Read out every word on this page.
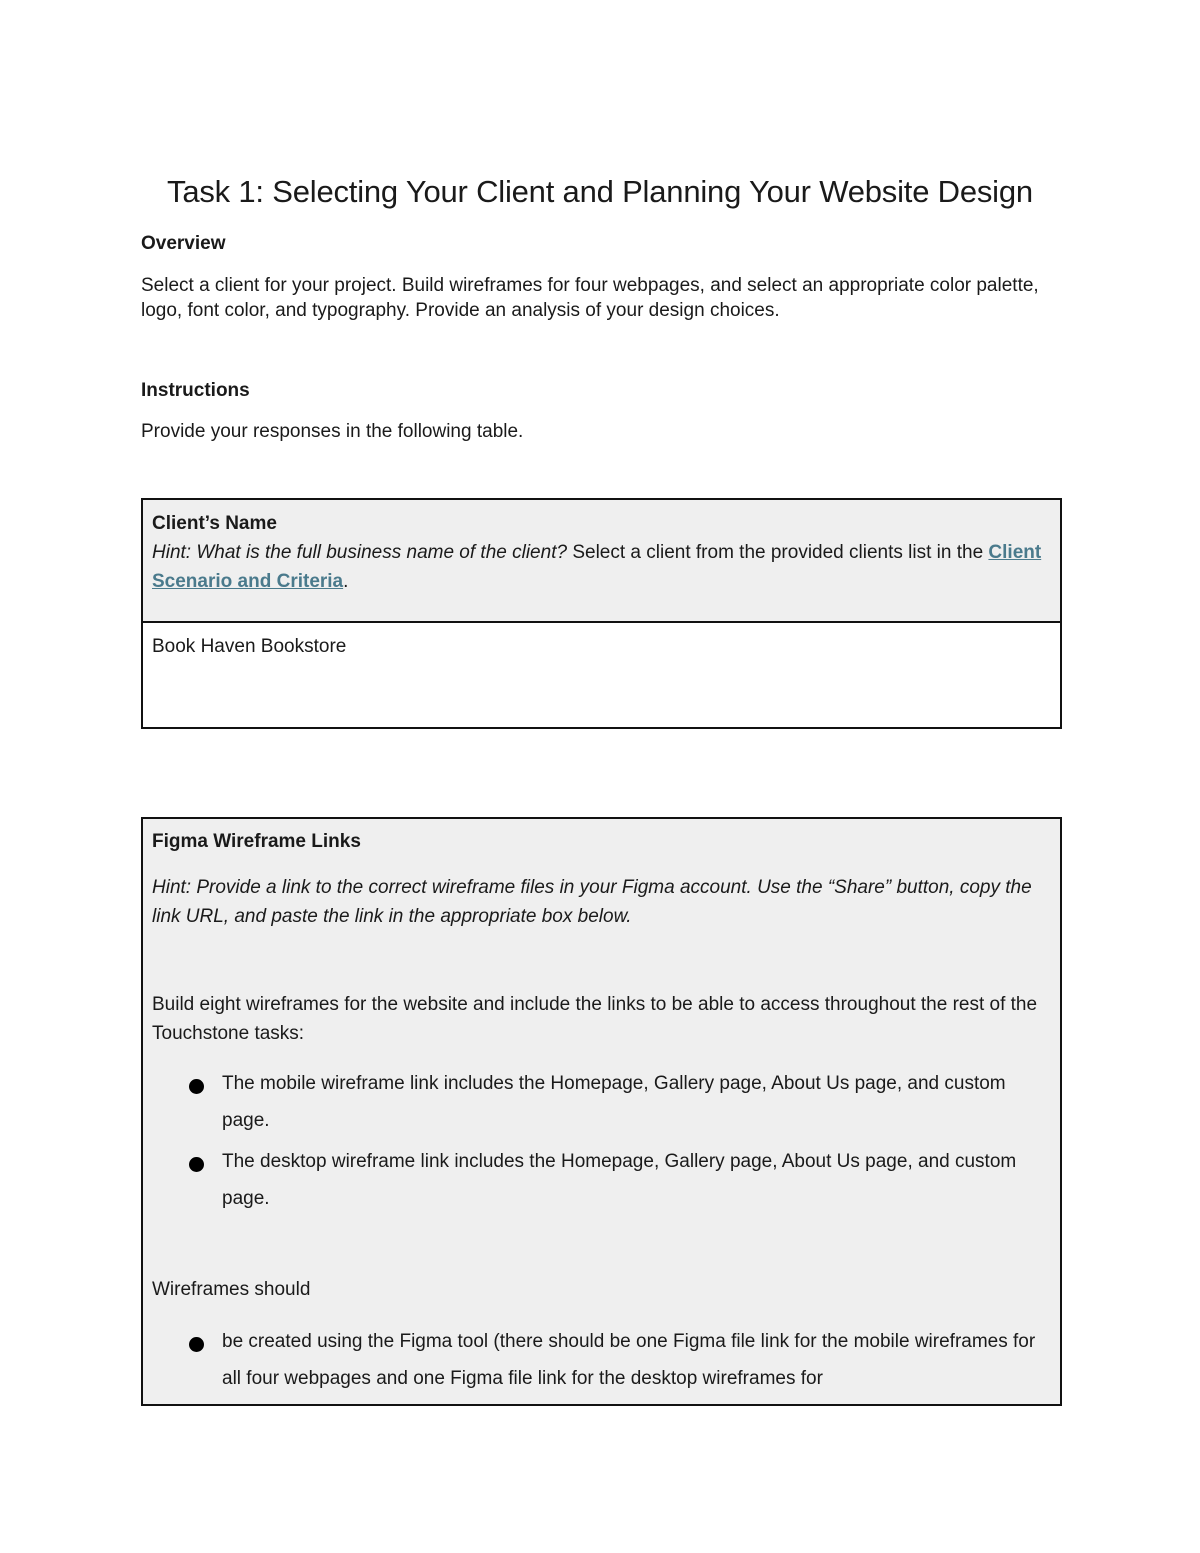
Task 1: Selecting Your Client and Planning Your Website Design
Overview

Select a client for your project. Build wireframes for four webpages, and select an appropriate color palette, logo, font color, and typography. Provide an analysis of your design choices.

Instructions

Provide your responses in the following table.

Client’s Name
Hint: What is the full business name of the client? Select a client from the provided clients list in the Client Scenario and Criteria.
Book Haven Bookstore
Figma Wireframe Links
Hint: Provide a link to the correct wireframe files in your Figma account. Use the “Share” button, copy the link URL, and paste the link in the appropriate box below.
Build eight wireframes for the website and include the links to be able to access throughout the rest of the Touchstone tasks:
The mobile wireframe link includes the Homepage, Gallery page, About Us page, and custom page.
The desktop wireframe link includes the Homepage, Gallery page, About Us page, and custom page.
Wireframes should
be created using the Figma tool (there should be one Figma file link for the mobile wireframes for all four webpages and one Figma file link for the desktop wireframes for
